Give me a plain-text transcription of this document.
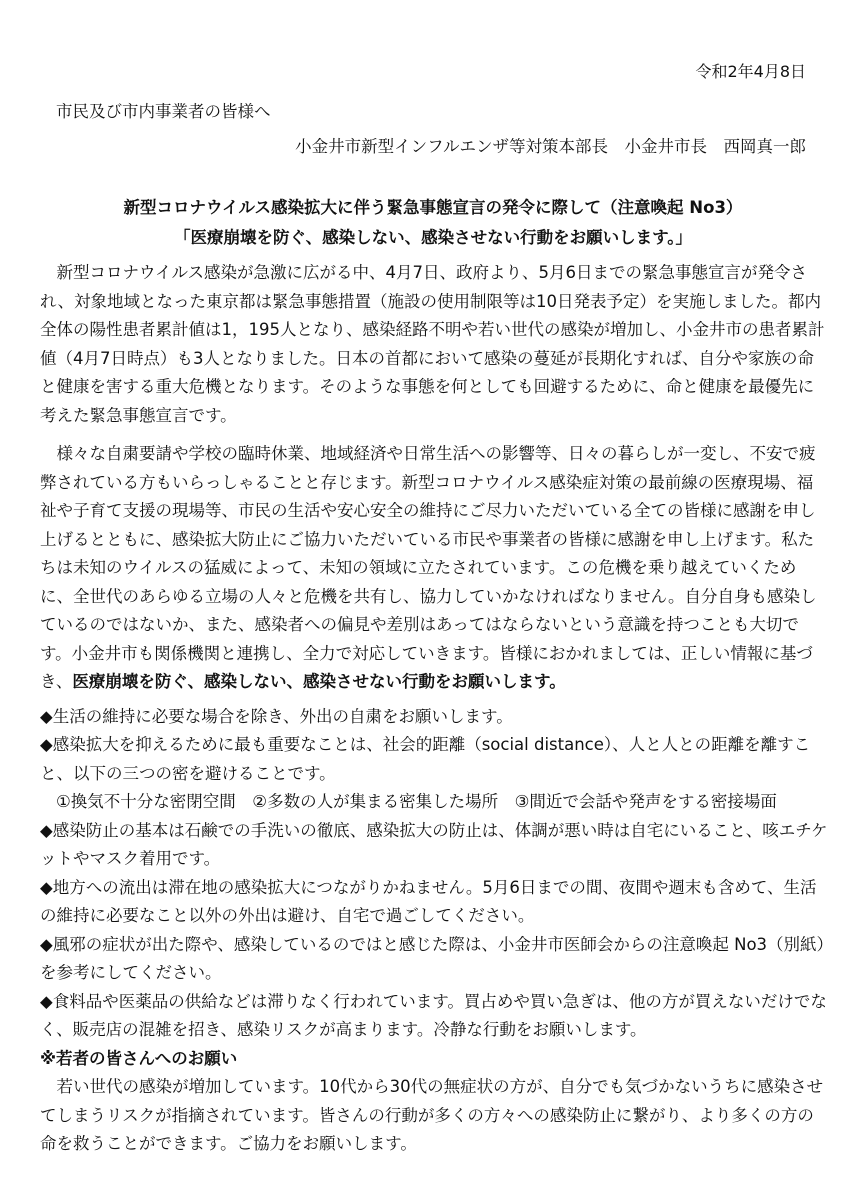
令和2年4月8日
市民及び市内事業者の皆様へ
小金井市新型インフルエンザ等対策本部長　小金井市長　西岡真一郎
新型コロナウイルス感染拡大に伴う緊急事態宣言の発令に際して（注意喚起 No3）
「医療崩壊を防ぐ、感染しない、感染させない行動をお願いします。」

新型コロナウイルス感染が急激に広がる中、4月7日、政府より、5月6日までの緊急事態宣言が発令され、対象地域となった東京都は緊急事態措置（施設の使用制限等は10日発表予定）を実施しました。都内全体の陽性患者累計値は1，195人となり、感染経路不明や若い世代の感染が増加し、小金井市の患者累計値（4月7日時点）も3人となりました。日本の首都において感染の蔓延が長期化すれば、自分や家族の命と健康を害する重大危機となります。そのような事態を何としても回避するために、命と健康を最優先に考えた緊急事態宣言です。

様々な自粛要請や学校の臨時休業、地域経済や日常生活への影響等、日々の暮らしが一変し、不安で疲弊されている方もいらっしゃることと存じます。新型コロナウイルス感染症対策の最前線の医療現場、福祉や子育て支援の現場等、市民の生活や安心安全の維持にご尽力いただいている全ての皆様に感謝を申し上げるとともに、感染拡大防止にご協力いただいている市民や事業者の皆様に感謝を申し上げます。私たちは未知のウイルスの猛威によって、未知の領域に立たされています。この危機を乗り越えていくために、全世代のあらゆる立場の人々と危機を共有し、協力していかなければなりません。自分自身も感染しているのではないか、また、感染者への偏見や差別はあってはならないという意識を持つことも大切です。小金井市も関係機関と連携し、全力で対応していきます。皆様におかれましては、正しい情報に基づき、医療崩壊を防ぐ、感染しない、感染させない行動をお願いします。

◆生活の維持に必要な場合を除き、外出の自粛をお願いします。

◆感染拡大を抑えるために最も重要なことは、社会的距離（social distance）、人と人との距離を離すこと、以下の三つの密を避けることです。

①換気不十分な密閉空間　②多数の人が集まる密集した場所　③間近で会話や発声をする密接場面

◆感染防止の基本は石鹸での手洗いの徹底、感染拡大の防止は、体調が悪い時は自宅にいること、咳エチケットやマスク着用です。

◆地方への流出は滞在地の感染拡大につながりかねません。5月6日までの間、夜間や週末も含めて、生活の維持に必要なこと以外の外出は避け、自宅で過ごしてください。

◆風邪の症状が出た際や、感染しているのではと感じた際は、小金井市医師会からの注意喚起 No3（別紙）を参考にしてください。

◆食料品や医薬品の供給などは滞りなく行われています。買占めや買い急ぎは、他の方が買えないだけでなく、販売店の混雑を招き、感染リスクが高まります。冷静な行動をお願いします。

※若者の皆さんへのお願い

若い世代の感染が増加しています。10代から30代の無症状の方が、自分でも気づかないうちに感染させてしまうリスクが指摘されています。皆さんの行動が多くの方々への感染防止に繋がり、より多くの方の命を救うことができます。ご協力をお願いします。
